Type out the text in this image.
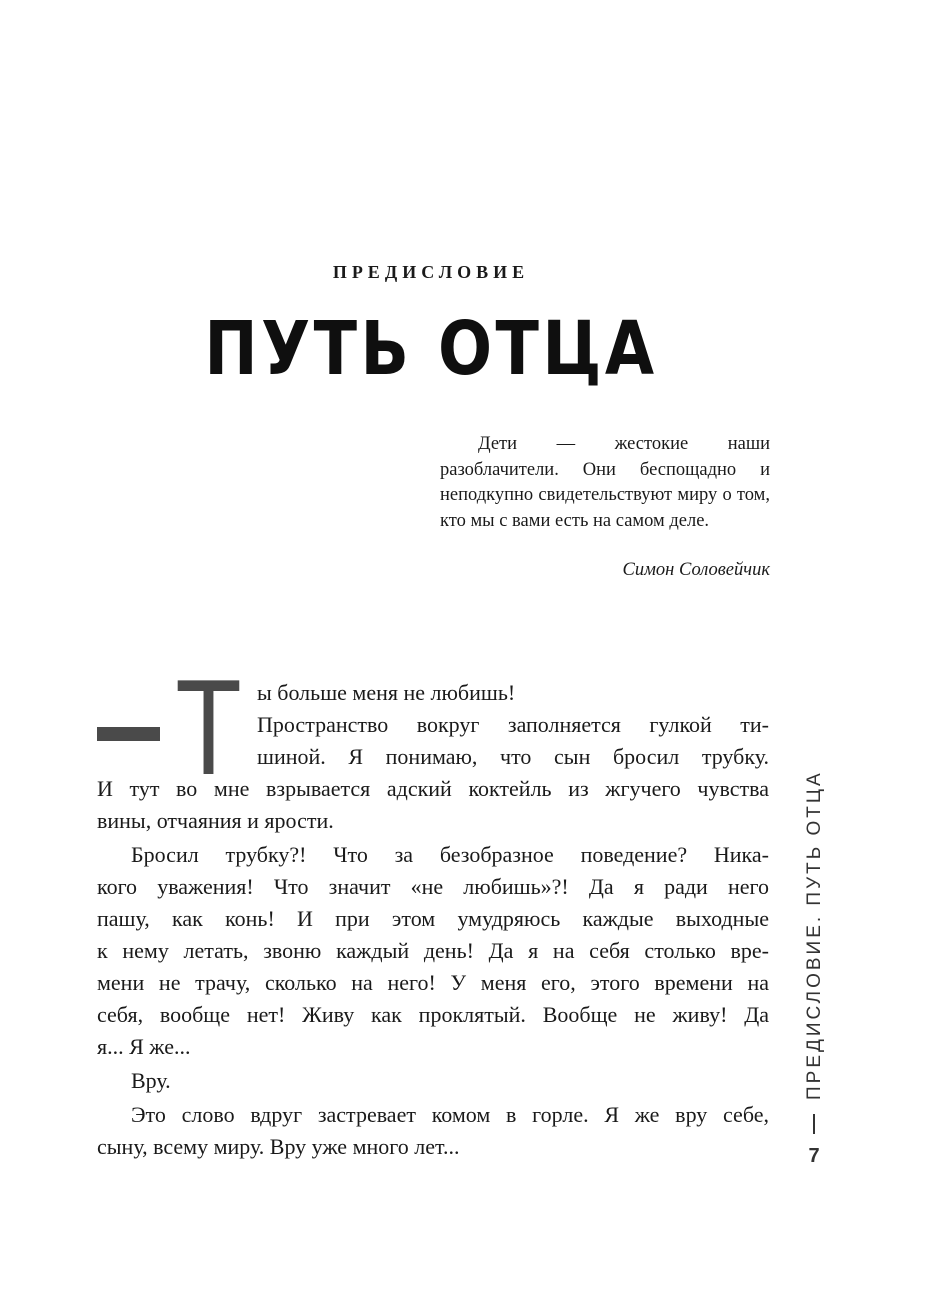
ПРЕДИСЛОВИЕ
ПУТЬ ОТЦА

Дети — жестокие наши разоблачители. Они беспощадно и неподкупно свидетельствуют миру о том, кто мы с вами есть на самом деле.

Симон Соловейчик
Т ы больше меня не любишь!
Пространство вокруг заполняется гулкой ти-
шиной. Я понимаю, что сын бросил трубку.
И тут во мне взрывается адский коктейль из жгучего чувства
вины, отчаяния и ярости.
Бросил трубку?! Что за безобразное поведение? Ника-
кого уважения! Что значит «не любишь»?! Да я ради него
пашу, как конь! И при этом умудряюсь каждые выходные
к нему летать, звоню каждый день! Да я на себя столько вре-
мени не трачу, сколько на него! У меня его, этого времени на
себя, вообще нет! Живу как проклятый. Вообще не живу! Да
я... Я же...
Вру.
Это слово вдруг застревает комом в горле. Я же вру себе,
сыну, всему миру. Вру уже много лет...
ПРЕДИСЛОВИЕ. ПУТЬ ОТЦА
7
